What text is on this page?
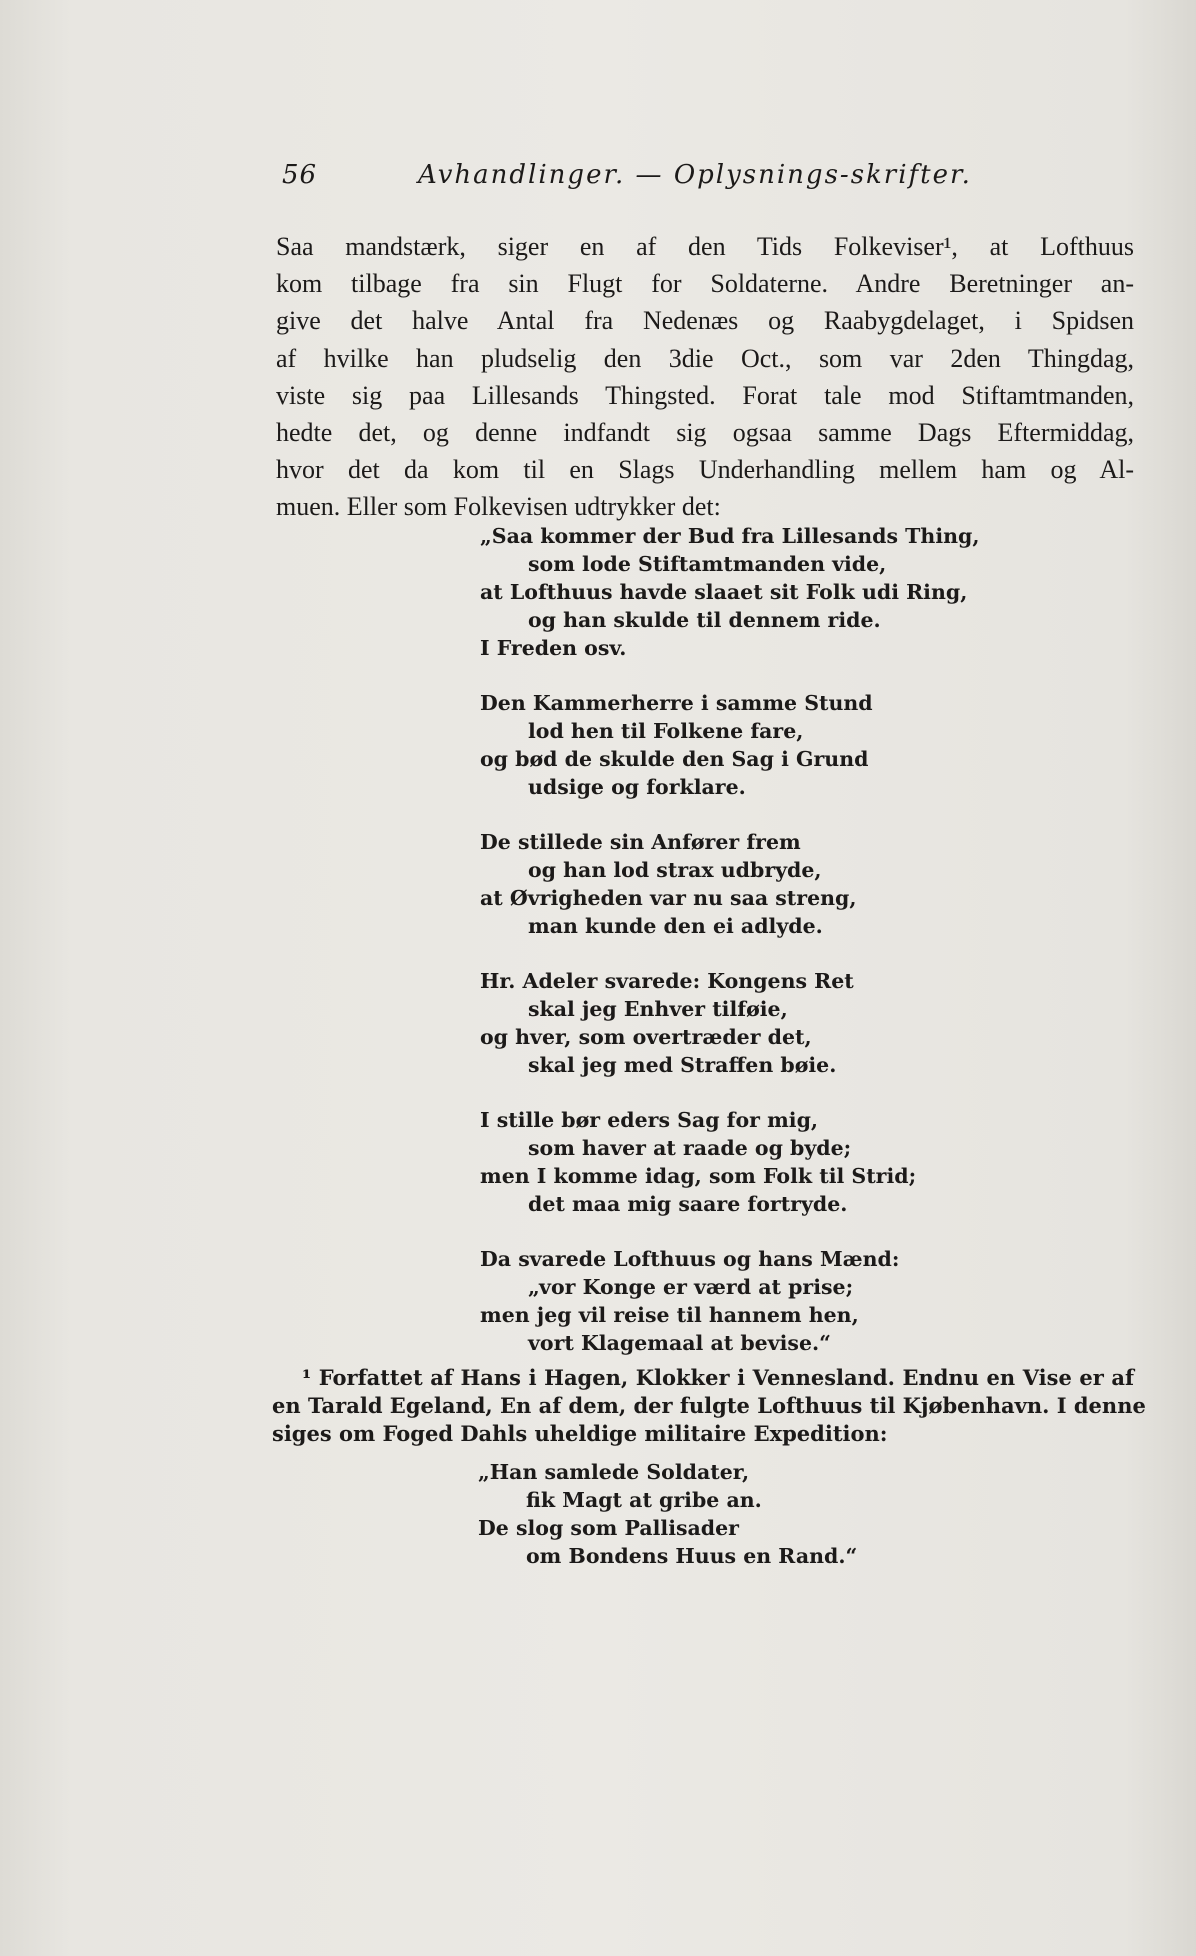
56	Avhandlinger. — Oplysnings-skrifter.
Saa mandstærk, siger en af den Tids Folkeviser¹, at Lofthuus
kom tilbage fra sin Flugt for Soldaterne. Andre Beretninger an-
give det halve Antal fra Nedenæs og Raabygdelaget, i Spidsen
af hvilke han pludselig den 3die Oct., som var 2den Thingdag,
viste sig paa Lillesands Thingsted. Forat tale mod Stiftamtmanden,
hedte det, og denne indfandt sig ogsaa samme Dags Eftermiddag,
hvor det da kom til en Slags Underhandling mellem ham og Al-
muen. Eller som Folkevisen udtrykker det:
„Saa kommer der Bud fra Lillesands Thing,
som lode Stiftamtmanden vide,
at Lofthuus havde slaaet sit Folk udi Ring,
og han skulde til dennem ride.
I Freden osv.
Den Kammerherre i samme Stund
lod hen til Folkene fare,
og bød de skulde den Sag i Grund
udsige og forklare.
De stillede sin Anfører frem
og han lod strax udbryde,
at Øvrigheden var nu saa streng,
man kunde den ei adlyde.
Hr. Adeler svarede: Kongens Ret
skal jeg Enhver tilføie,
og hver, som overtræder det,
skal jeg med Straffen bøie.
I stille bør eders Sag for mig,
som haver at raade og byde;
men I komme idag, som Folk til Strid;
det maa mig saare fortryde.
Da svarede Lofthuus og hans Mænd:
„vor Konge er værd at prise;
men jeg vil reise til hannem hen,
vort Klagemaal at bevise.“
¹ Forfattet af Hans i Hagen, Klokker i Vennesland. Endnu en Vise er af
en Tarald Egeland, En af dem, der fulgte Lofthuus til Kjøbenhavn. I denne
siges om Foged Dahls uheldige militaire Expedition:
„Han samlede Soldater,
fik Magt at gribe an.
De slog som Pallisader
om Bondens Huus en Rand.“
